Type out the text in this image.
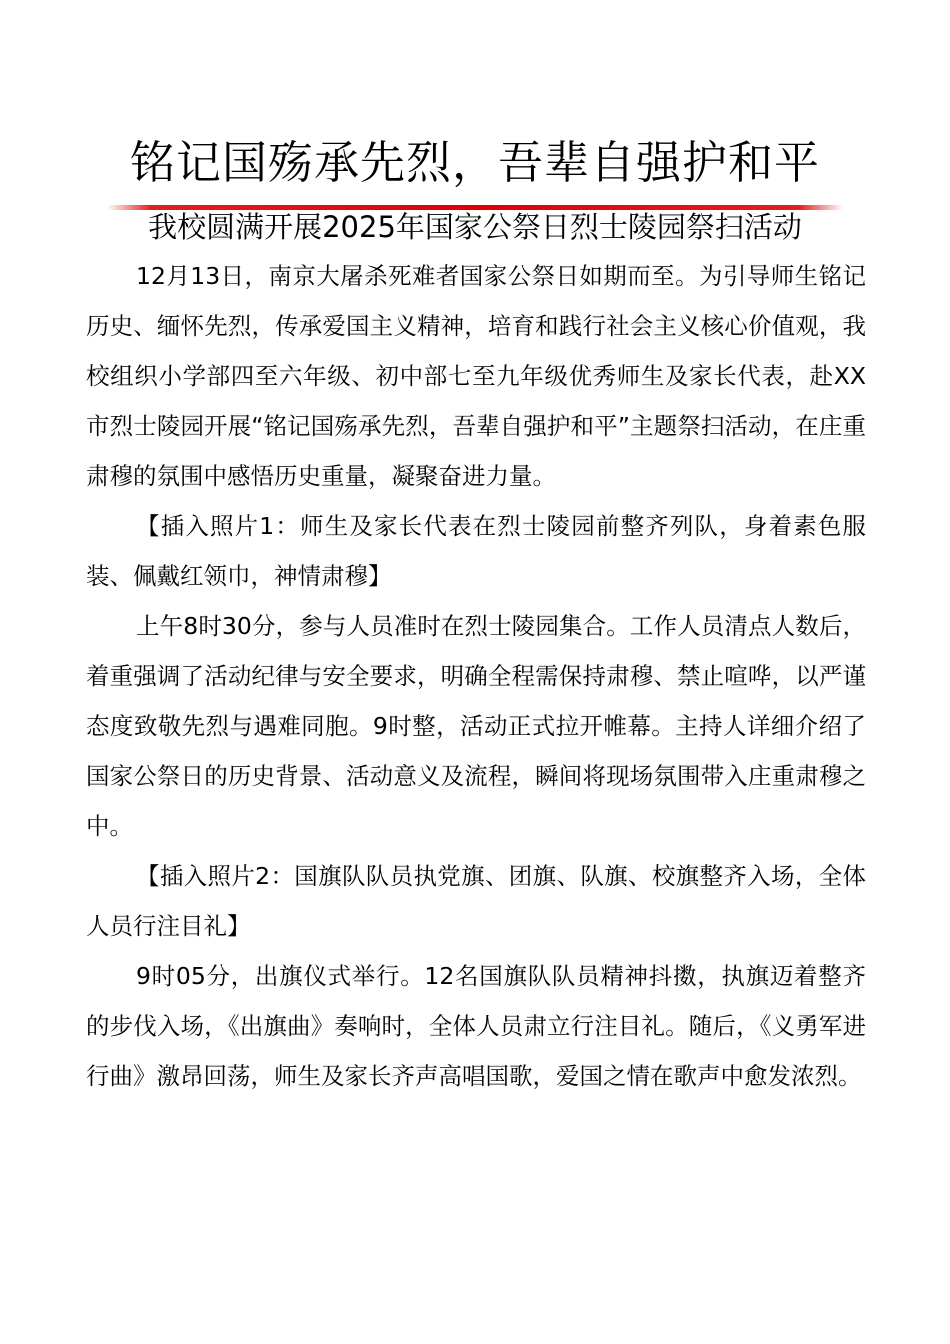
铭记国殇承先烈，吾辈自强护和平
我校圆满开展2025年国家公祭日烈士陵园祭扫活动

12月13日，南京大屠杀死难者国家公祭日如期而至。为引导师生铭记历史、缅怀先烈，传承爱国主义精神，培育和践行社会主义核心价值观，我校组织小学部四至六年级、初中部七至九年级优秀师生及家长代表，赴XX市烈士陵园开展“铭记国殇承先烈，吾辈自强护和平”主题祭扫活动，在庄重肃穆的氛围中感悟历史重量，凝聚奋进力量。

【插入照片1：师生及家长代表在烈士陵园前整齐列队，身着素色服装、佩戴红领巾，神情肃穆】

上午8时30分，参与人员准时在烈士陵园集合。工作人员清点人数后，着重强调了活动纪律与安全要求，明确全程需保持肃穆、禁止喧哗，以严谨态度致敬先烈与遇难同胞。9时整，活动正式拉开帷幕。主持人详细介绍了国家公祭日的历史背景、活动意义及流程，瞬间将现场氛围带入庄重肃穆之中。

【插入照片2：国旗队队员执党旗、团旗、队旗、校旗整齐入场，全体人员行注目礼】

9时05分，出旗仪式举行。12名国旗队队员精神抖擞，执旗迈着整齐的步伐入场，《出旗曲》奏响时，全体人员肃立行注目礼。随后，《义勇军进行曲》激昂回荡，师生及家长齐声高唱国歌，爱国之情在歌声中愈发浓烈。
